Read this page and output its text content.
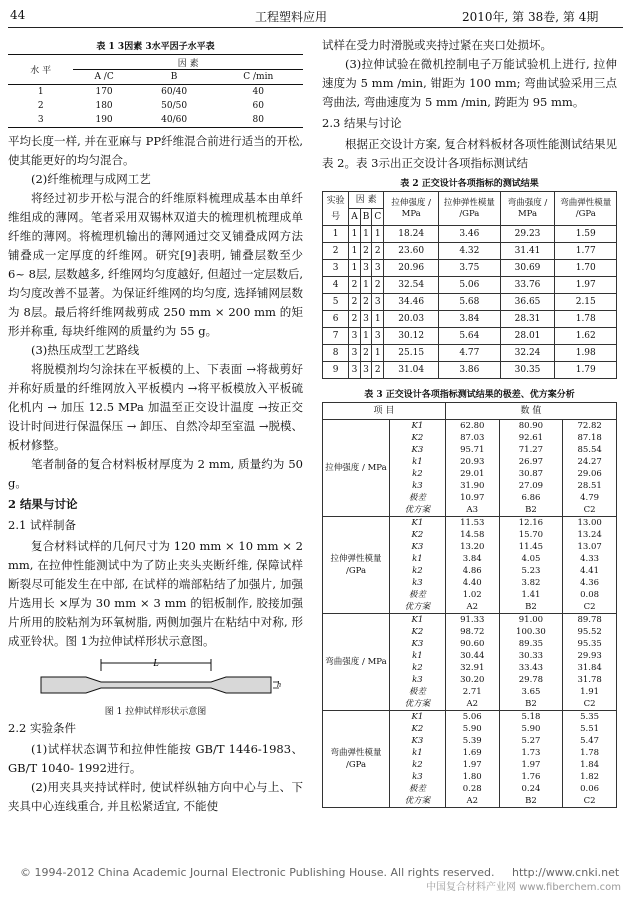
44	工程塑料应用	2010年, 第 38卷, 第 4期
表 1 3因素 3水平因子水平表
水 平	因 素		
	A /C	B	C /min
1	170	60/40	40
2	180	50/50	60
3	190	40/60	80

平均长度一样, 并在亚麻与 PP纤维混合前进行适当的开松, 使其能更好的均匀混合。

(2)纤维梳理与成网工艺

将经过初步开松与混合的纤维原料梳理成基本由单纤维组成的薄网。笔者采用双锡林双道夫的梳理机梳理成单纤维的薄网。将梳理机输出的薄网通过交叉铺叠成网方法铺叠成一定厚度的纤维网。研究[9]表明, 铺叠层数至少 6~ 8层, 层数越多, 纤维网均匀度越好, 但超过一定层数后, 均匀度改善不显著。为保证纤维网的均匀度, 选择铺网层数为 8层。最后将纤维网裁剪成 250 mm × 200 mm 的矩形并称重, 每块纤维网的质量约为 55 g。

(3)热压成型工艺路线

将脱模剂均匀涂抹在平板模的上、下表面 →将裁剪好并称好质量的纤维网放入平板模内 →将平板模放入平板硫化机内 → 加压 12.5 MPa 加温至正交设计温度 →按正交设计时间进行保温保压 → 卸压、自然冷却至室温 →脱模、板材修整。

笔者制备的复合材料板材厚度为 2 mm, 质量约为 50 g。

2 结果与讨论

2.1 试样制备

复合材料试样的几何尺寸为 120 mm × 10 mm × 2 mm, 在拉伸性能测试中为了防止夹头夹断纤维, 保障试样断裂尽可能发生在中部, 在试样的端部粘结了加强片, 加强片选用长 ×厚为 30 mm × 3 mm 的铝板制作, 胶接加强片所用的胶粘剂为环氧树脂, 两侧加强片在粘结中对称, 形成亚铃状。图 1为拉伸试样形状示意图。

L
h
图 1 拉伸试样形状示意图

2.2 实验条件

(1)试样状态调节和拉伸性能按 GB/T 1446-1983、GB/T 1040- 1992进行。

(2)用夹具夹持试样时, 使试样纵轴方向中心与上、下夹具中心连线重合, 并且松紧适宜, 不能使

试样在受力时滑脱或夹持过紧在夹口处损坏。

(3)拉伸试验在微机控制电子万能试验机上进行, 拉伸速度为 5 mm /min, 钳距为 100 mm; 弯曲试验采用三点弯曲法, 弯曲速度为 5 mm /min, 跨距为 95 mm。

2.3 结果与讨论

根据正交设计方案, 复合材料板材各项性能测试结果见表 2。表 3示出正交设计各项指标测试结

表 2 正交设计各项指标的测试结果
实验号	因 素			拉伸强度 / MPa	拉伸弹性模量 /GPa	弯曲强度 / MPa	弯曲弹性模量 /GPa
	A	B	C				
1	1	1	1	18.24	3.46	29.23	1.59
2	1	2	2	23.60	4.32	31.41	1.77
3	1	3	3	20.96	3.75	30.69	1.70
4	2	1	2	32.54	5.06	33.76	1.97
5	2	2	3	34.46	5.68	36.65	2.15
6	2	3	1	20.03	3.84	28.31	1.78
7	3	1	3	30.12	5.64	28.01	1.62
8	3	2	1	25.15	4.77	32.24	1.98
9	3	3	2	31.04	3.86	30.35	1.79
表 3 正交设计各项指标测试结果的极差、优方案分析
项 目		数 值		
拉伸强度 / MPa	K1	62.80	80.90	72.82
	K2	87.03	92.61	87.18
	K3	95.71	71.27	85.54
	k1	20.93	26.97	24.27
	k2	29.01	30.87	29.06
	k3	31.90	27.09	28.51
	极差	10.97	6.86	4.79
	优方案	A3	B2	C2
拉伸弹性模量 /GPa	K1	11.53	12.16	13.00
	K2	14.58	15.70	13.24
	K3	13.20	11.45	13.07
	k1	3.84	4.05	4.33
	k2	4.86	5.23	4.41
	k3	4.40	3.82	4.36
	极差	1.02	1.41	0.08
	优方案	A2	B2	C2
弯曲强度 / MPa	K1	91.33	91.00	89.78
	K2	98.72	100.30	95.52
	K3	90.60	89.35	95.35
	k1	30.44	30.33	29.93
	k2	32.91	33.43	31.84
	k3	30.20	29.78	31.78
	极差	2.71	3.65	1.91
	优方案	A2	B2	C2
弯曲弹性模量 /GPa	K1	5.06	5.18	5.35
	K2	5.90	5.90	5.51
	K3	5.39	5.27	5.47
	k1	1.69	1.73	1.78
	k2	1.97	1.97	1.84
	k3	1.80	1.76	1.82
	极差	0.28	0.24	0.06
	优方案	A2	B2	C2
© 1994-2012 China Academic Journal Electronic Publishing House. All rights reserved. http://www.cnki.net
中国复合材料产业网 www.fiberchem.com
